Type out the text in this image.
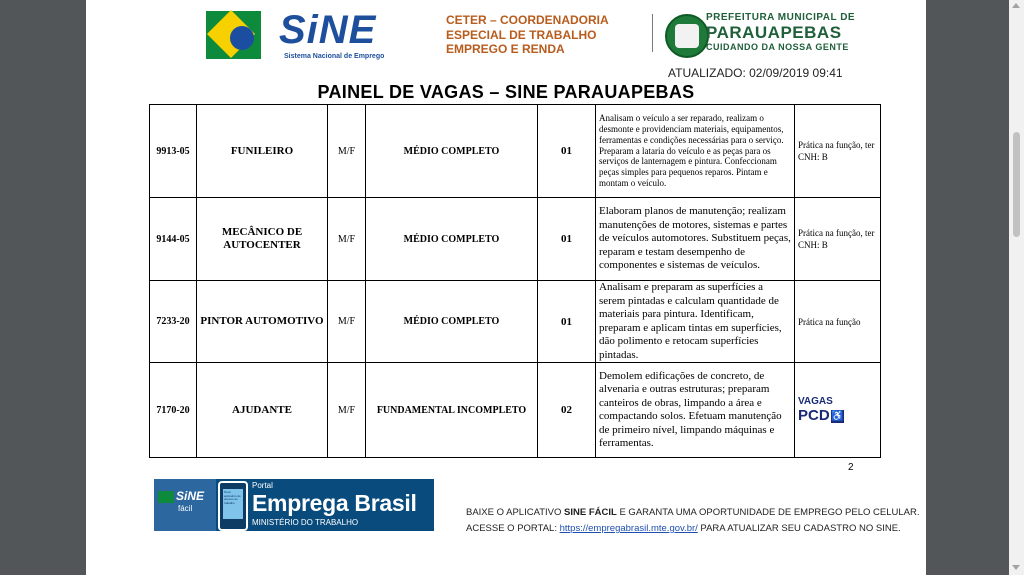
SiNE
Sistema Nacional de Emprego
CETER – COORDENADORIA
ESPECIAL DE TRABALHO
EMPREGO E RENDA
PREFEITURA MUNICIPAL DE
PARAUAPEBAS
CUIDANDO DA NOSSA GENTE
ATUALIZADO: 02/09/2019 09:41
PAINEL DE VAGAS – SINE PARAUAPEBAS
9913-05	FUNILEIRO	M/F	MÉDIO COMPLETO	01	Analisam o veículo a ser reparado, realizam o desmonte e providenciam materiais, equipamentos, ferramentas e condições necessárias para o serviço. Preparam a lataria do veículo e as peças para os serviços de lanternagem e pintura. Confeccionam peças simples para pequenos reparos. Pintam e montam o veículo.	Prática na função, ter CNH: B
9144-05	MECÂNICO DE AUTOCENTER	M/F	MÉDIO COMPLETO	01	Elaboram planos de manutenção; realizam manutenções de motores, sistemas e partes de veículos automotores. Substituem peças, reparam e testam desempenho de componentes e sistemas de veículos.	Prática na função, ter CNH: B
7233-20	PINTOR AUTOMOTIVO	M/F	MÉDIO COMPLETO	01	Analisam e preparam as superfícies a serem pintadas e calculam quantidade de materiais para pintura. Identificam, preparam e aplicam tintas em superfícies, dão polimento e retocam superfícies pintadas.	Prática na função
7170-20	AJUDANTE	M/F	FUNDAMENTAL INCOMPLETO	02	Demolem edificações de concreto, de alvenaria e outras estruturas; preparam canteiros de obras, limpando a área e compactando solos. Efetuam manutenção de primeiro nível, limpando máquinas e ferramentas.	VAGAS
PCD♿
2
SiNE
fácil
Novo aplicativo de acesso ao trabalho
Portal
Emprega Brasil
MINISTÉRIO DO TRABALHO
BAIXE O APLICATIVO SINE FÁCIL E GARANTA UMA OPORTUNIDADE DE EMPREGO PELO CELULAR.
ACESSE O PORTAL: https://empregabrasil.mte.gov.br/ PARA ATUALIZAR SEU CADASTRO NO SINE.
